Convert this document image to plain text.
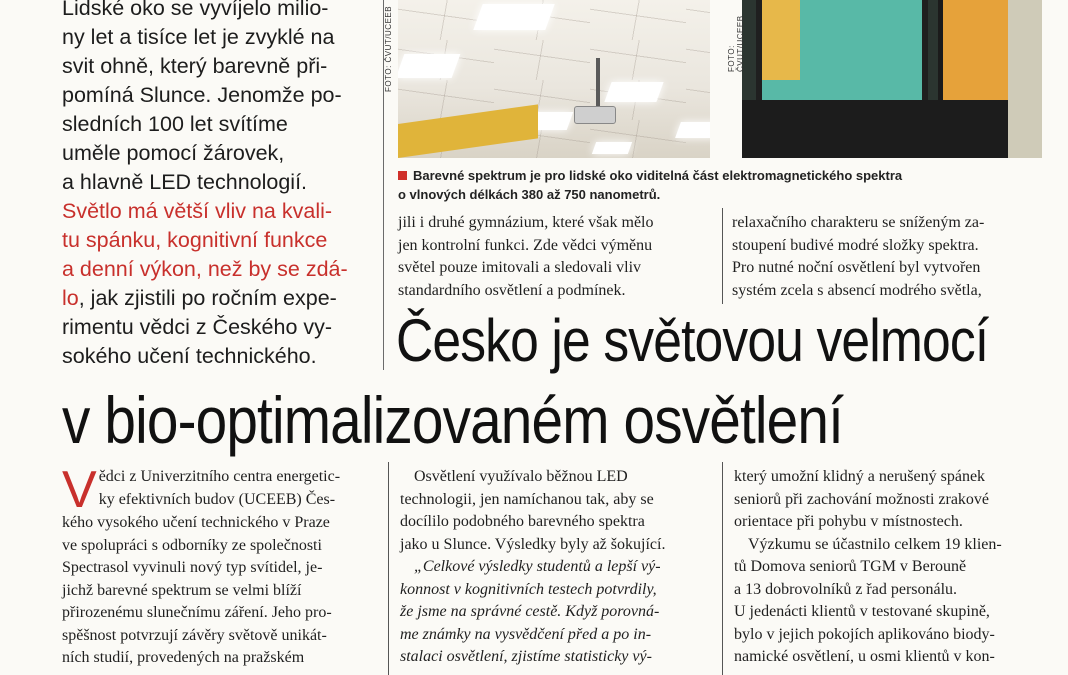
Lidské oko se vyvíjelo milio-
ny let a tisíce let je zvyklé na
svit ohně, který barevně při-
pomíná Slunce. Jenomže po-
sledních 100 let svítíme
uměle pomocí žárovek,
a hlavně LED technologií.
Světlo má větší vliv na kvali-
tu spánku, kognitivní funkce
a denní výkon, než by se zdá-
lo, jak zjistili po ročním expe-
rimentu vědci z Českého vy-
sokého učení technického.
FOTO: ČVUT/UCEEB	FOTO: ČVUT/UCEEB
Barevné spektrum je pro lidské oko viditelná část elektromagnetického spektra
o vlnových délkách 380 až 750 nanometrů.
jili i druhé gymnázium, které však mělo
jen kontrolní funkci. Zde vědci výměnu
světel pouze imitovali a sledovali vliv
standardního osvětlení a podmínek.
relaxačního charakteru se sníženým za-
stoupení budivé modré složky spektra.
Pro nutné noční osvětlení byl vytvořen
systém zcela s absencí modrého světla,
Česko je světovou velmocí
v bio-optimalizovaném osvětlení
V ědci z Univerzitního centra energetic-
ky efektivních budov (UCEEB) Čes-
kého vysokého učení technického v Praze
ve spolupráci s odborníky ze společnosti
Spectrasol vyvinuli nový typ svítidel, je-
jichž barevné spektrum se velmi blíží
přirozenému slunečnímu záření. Jeho pro-
spěšnost potvrzují závěry světově unikát-
ních studií, provedených na pražském
Osvětlení využívalo běžnou LED
technologii, jen namíchanou tak, aby se
docílilo podobného barevného spektra
jako u Slunce. Výsledky byly až šokující.
„Celkové výsledky studentů a lepší vý-
konnost v kognitivních testech potvrdily,
že jsme na správné cestě. Když porovná-
me známky na vysvědčení před a po in-
stalaci osvětlení, zjistíme statisticky vý-
který umožní klidný a nerušený spánek
seniorů při zachování možnosti zrakové
orientace při pohybu v místnostech.
Výzkumu se účastnilo celkem 19 klien-
tů Domova seniorů TGM v Berouně
a 13 dobrovolníků z řad personálu.
U jedenácti klientů v testované skupině,
bylo v jejich pokojích aplikováno biody-
namické osvětlení, u osmi klientů v kon-
